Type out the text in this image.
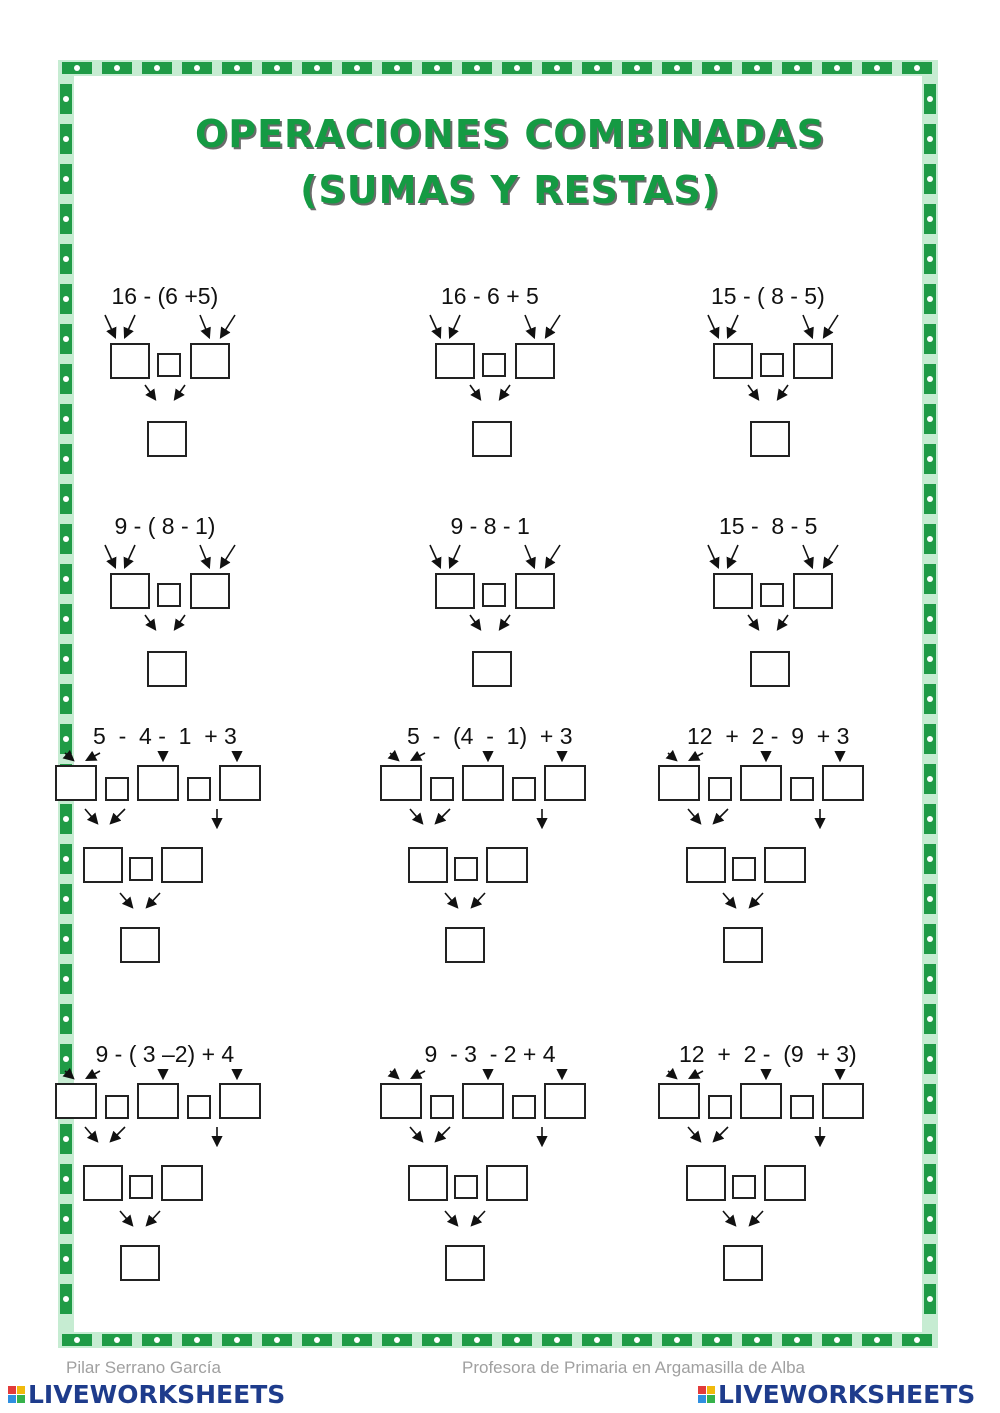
OPERACIONES COMBINADAS
(SUMAS Y RESTAS)
16 - (6 +5)	16 - 6 + 5	15 - ( 8 - 5)
9 - ( 8 - 1)	9 - 8 - 1	15 -  8 - 5
5  -  4 -  1  + 3	5  -  (4  -  1)  + 3	12  +  2 -  9  + 3
9 - ( 3 –2) + 4	9  - 3  - 2 + 4	12  +  2 -  (9  + 3)
Pilar Serrano García	Profesora de Primaria en Argamasilla de Alba
LIVEWORKSHEETS	LIVEWORKSHEETS
